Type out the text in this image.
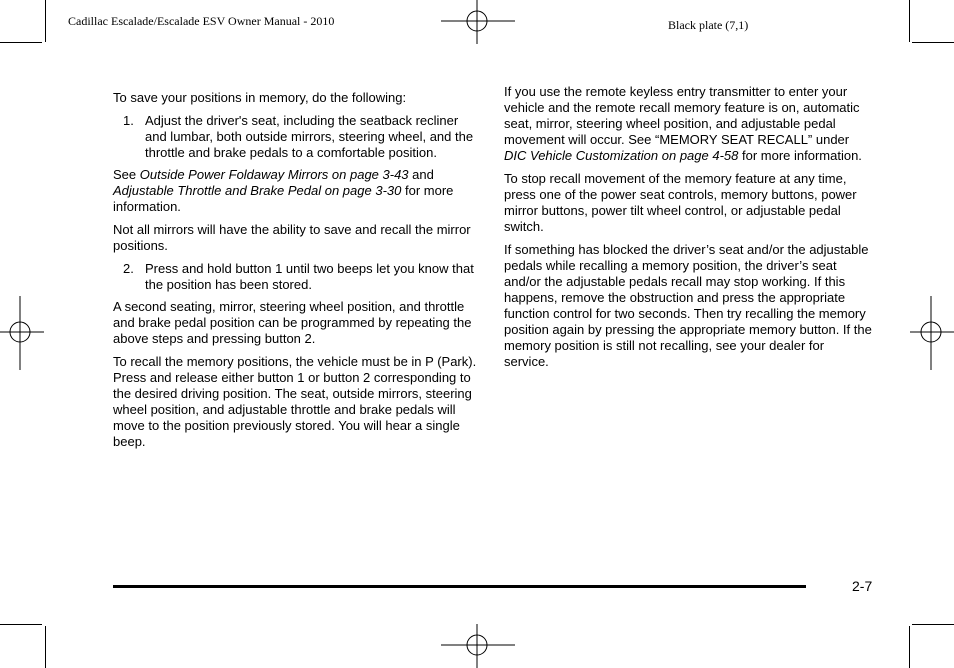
Cadillac Escalade/Escalade ESV Owner Manual - 2010	Black plate (7,1)

To save your positions in memory, do the following:

1. Adjust the driver's seat, including the seatback recliner and lumbar, both outside mirrors, steering wheel, and the throttle and brake pedals to a comfortable position.

See Outside Power Foldaway Mirrors on page 3-43 and Adjustable Throttle and Brake Pedal on page 3-30 for more information.

Not all mirrors will have the ability to save and recall the mirror positions.

2. Press and hold button 1 until two beeps let you know that the position has been stored.

A second seating, mirror, steering wheel position, and throttle and brake pedal position can be programmed by repeating the above steps and pressing button 2.

To recall the memory positions, the vehicle must be in P (Park). Press and release either button 1 or button 2 corresponding to the desired driving position. The seat, outside mirrors, steering wheel position, and adjustable throttle and brake pedals will move to the position previously stored. You will hear a single beep.

If you use the remote keyless entry transmitter to enter your vehicle and the remote recall memory feature is on, automatic seat, mirror, steering wheel position, and adjustable pedal movement will occur. See “MEMORY SEAT RECALL” under DIC Vehicle Customization on page 4-58 for more information.

To stop recall movement of the memory feature at any time, press one of the power seat controls, memory buttons, power mirror buttons, power tilt wheel control, or adjustable pedal switch.

If something has blocked the driver’s seat and/or the adjustable pedals while recalling a memory position, the driver’s seat and/or the adjustable pedals recall may stop working. If this happens, remove the obstruction and press the appropriate function control for two seconds. Then try recalling the memory position again by pressing the appropriate memory button. If the memory position is still not recalling, see your dealer for service.

2-7
